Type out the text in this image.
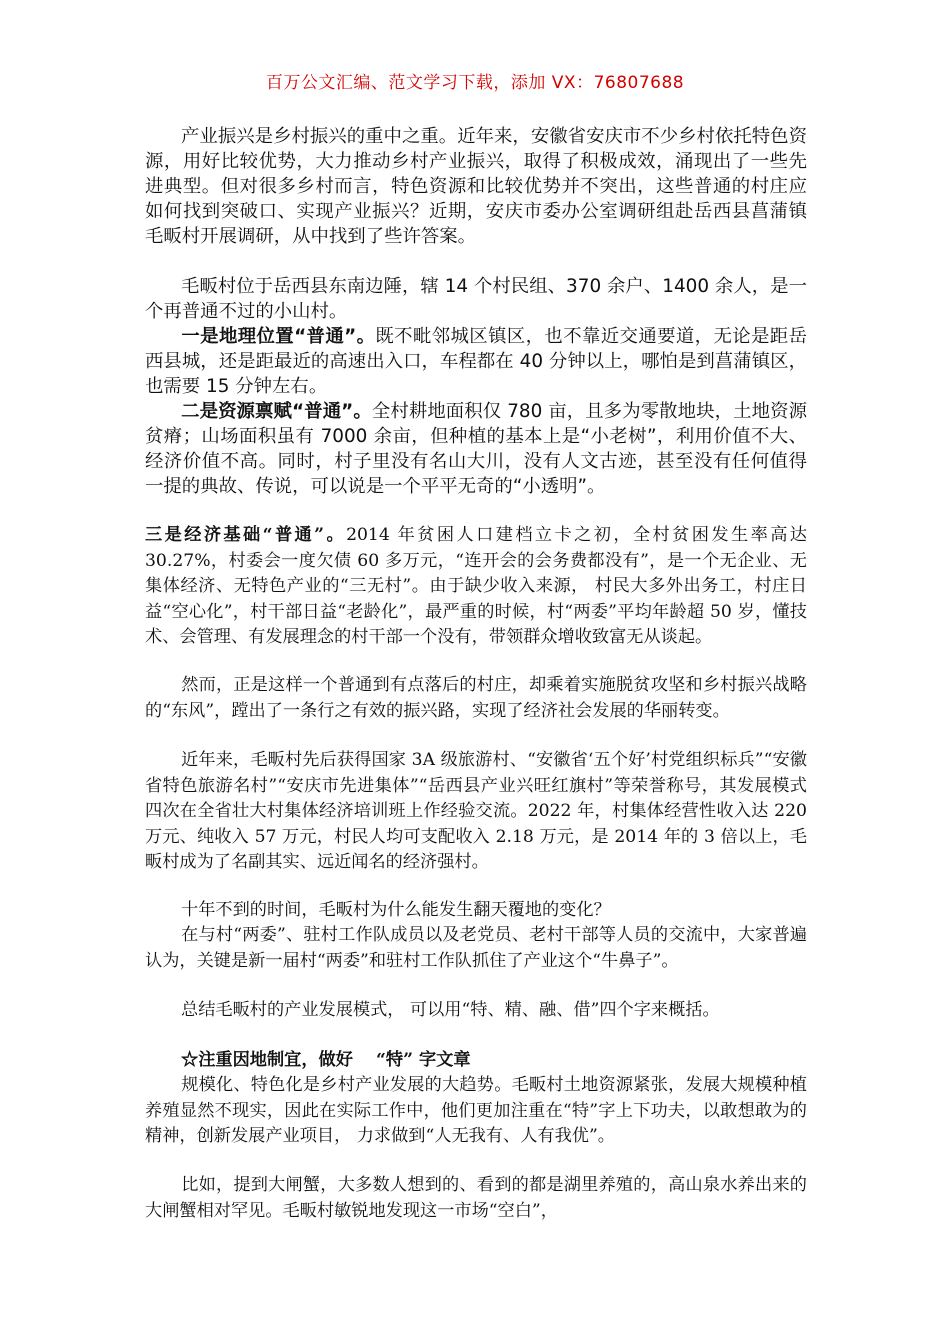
百万公文汇编、范文学习下载，添加 VX：76807688

产业振兴是乡村振兴的重中之重。近年来，安徽省安庆市不少乡村依托特色资源，用好比较优势，大力推动乡村产业振兴，取得了积极成效，涌现出了一些先进典型。但对很多乡村而言，特色资源和比较优势并不突出，这些普通的村庄应如何找到突破口、实现产业振兴？近期，安庆市委办公室调研组赴岳西县菖蒲镇毛畈村开展调研，从中找到了些许答案。

毛畈村位于岳西县东南边陲，辖 14 个村民组、370 余户、1400 余人，是一个再普通不过的小山村。

一是地理位置“普通”。既不毗邻城区镇区，也不靠近交通要道，无论是距岳西县城，还是距最近的高速出入口，车程都在 40 分钟以上，哪怕是到菖蒲镇区，也需要 15 分钟左右。

二是资源禀赋“普通”。全村耕地面积仅 780 亩，且多为零散地块，土地资源贫瘠；山场面积虽有 7000 余亩，但种植的基本上是“小老树”，利用价值不大、经济价值不高。同时，村子里没有名山大川，没有人文古迹，甚至没有任何值得一提的典故、传说，可以说是一个平平无奇的“小透明”。

三是经济基础“普通”。2014 年贫困人口建档立卡之初，全村贫困发生率高达 30.27%，村委会一度欠债 60 多万元，“连开会的会务费都没有”，是一个无企业、无集体经济、无特色产业的“三无村”。由于缺少收入来源， 村民大多外出务工，村庄日益“空心化”，村干部日益“老龄化”，最严重的时候，村“两委”平均年龄超 50 岁，懂技术、会管理、有发展理念的村干部一个没有，带领群众增收致富无从谈起。

然而，正是这样一个普通到有点落后的村庄，却乘着实施脱贫攻坚和乡村振兴战略的“东风”，蹚出了一条行之有效的振兴路，实现了经济社会发展的华丽转变。

近年来，毛畈村先后获得国家 3A 级旅游村、“安徽省‘五个好’村党组织标兵”“安徽省特色旅游名村”“安庆市先进集体”“岳西县产业兴旺红旗村”等荣誉称号，其发展模式四次在全省壮大村集体经济培训班上作经验交流。2022 年，村集体经营性收入达 220 万元、纯收入 57 万元，村民人均可支配收入 2.18 万元，是 2014 年的 3 倍以上，毛畈村成为了名副其实、远近闻名的经济强村。

十年不到的时间，毛畈村为什么能发生翻天覆地的变化？

在与村“两委”、驻村工作队成员以及老党员、老村干部等人员的交流中，大家普遍认为，关键是新一届村“两委”和驻村工作队抓住了产业这个“牛鼻子”。

总结毛畈村的产业发展模式， 可以用“特、精、融、借”四个字来概括。

☆注重因地制宜，做好　 “特” 字文章

规模化、特色化是乡村产业发展的大趋势。毛畈村土地资源紧张，发展大规模种植养殖显然不现实，因此在实际工作中，他们更加注重在“特”字上下功夫，以敢想敢为的精神，创新发展产业项目， 力求做到“人无我有、人有我优”。

比如，提到大闸蟹，大多数人想到的、看到的都是湖里养殖的，高山泉水养出来的大闸蟹相对罕见。毛畈村敏锐地发现这一市场“空白”，
